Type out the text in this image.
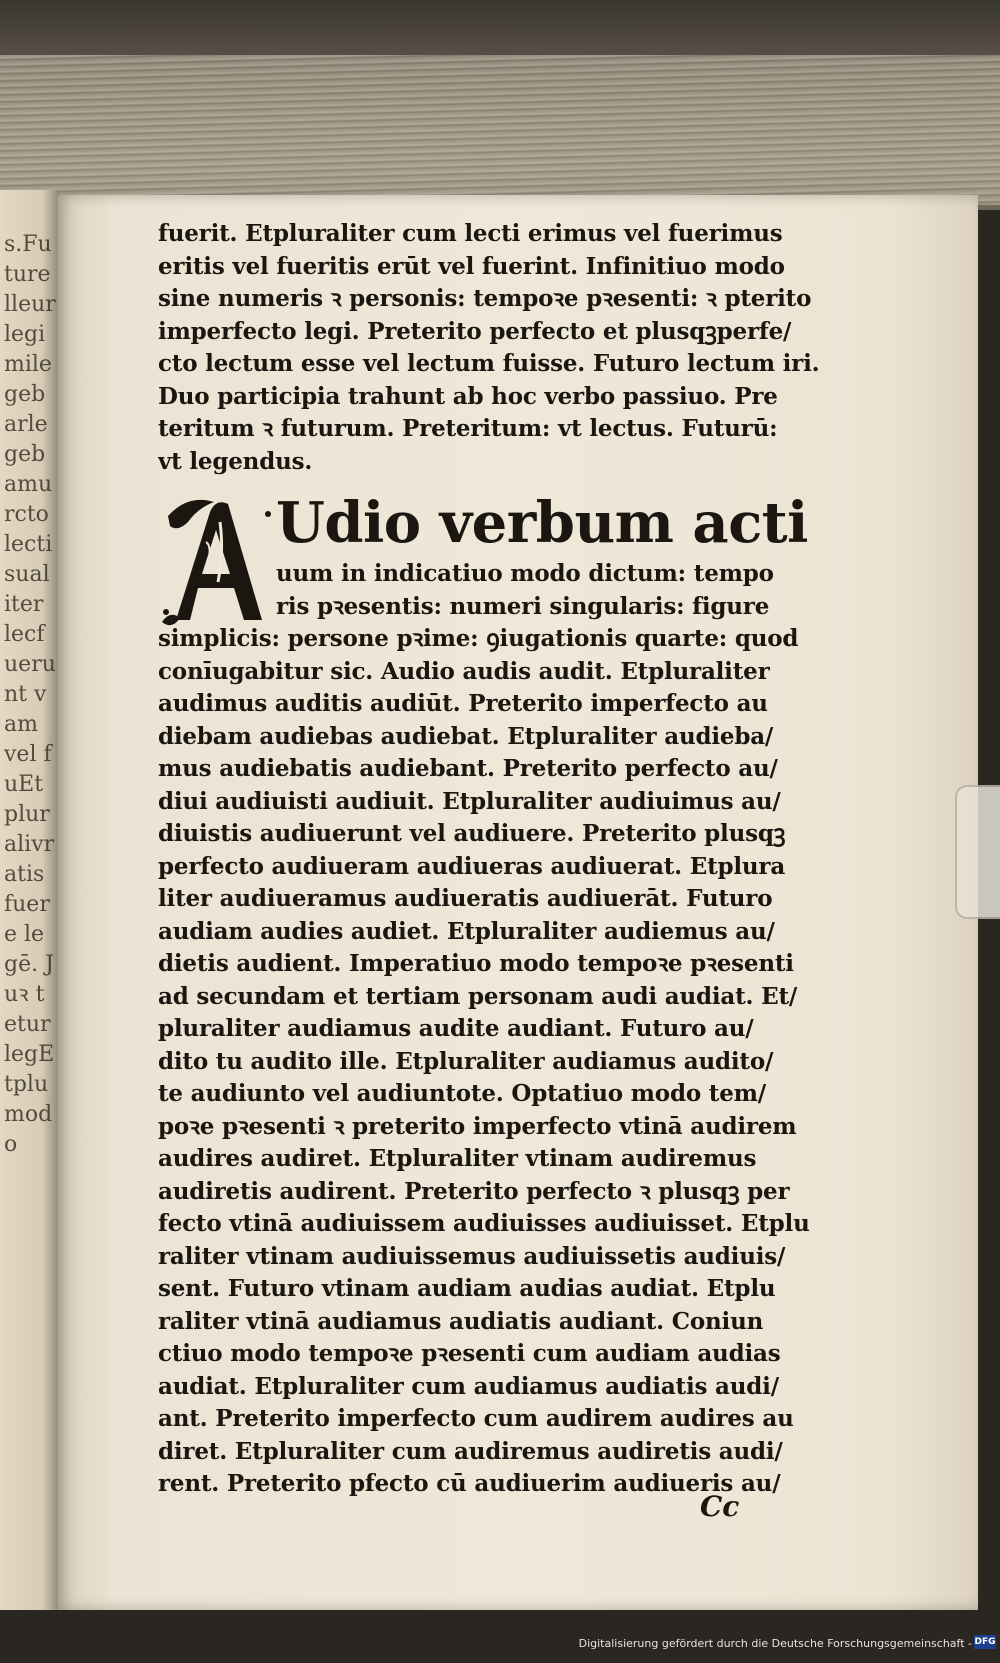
s.Futurelleur legimilegebarlegebamurcto lectisualiter lecfuerunt vam vel fuEtpluralivratis fuere legē. Juꝛ tetur legEtplumodo
fuerit. Etpluraliter cum lecti erimus vel fuerimus
eritis vel fueritis erūt vel fuerint. Infinitiuo modo
sine numeris ꝛ personis: tempoꝛe pꝛesenti: ꝛ pterito
imperfecto legi. Preterito perfecto et plusqꝫperfe/
cto lectum esse vel lectum fuisse. Futuro lectum iri.
Duo participia trahunt ab hoc verbo passiuo. Pre
teritum ꝛ futurum. Preteritum: vt lectus. Futurū:
vt legendus.
A Udio verbum acti
uum in indicatiuo modo dictum: tempo
ris pꝛesentis: numeri singularis: figure
simplicis: persone pꝛime: ꝯiugationis quarte: quod
conīugabitur sic. Audio audis audit. Etpluraliter
audimus auditis audiūt. Preterito imperfecto au
diebam audiebas audiebat. Etpluraliter audieba/
mus audiebatis audiebant. Preterito perfecto au/
diui audiuisti audiuit. Etpluraliter audiuimus au/
diuistis audiuerunt vel audiuere. Preterito plusqꝫ
perfecto audiueram audiueras audiuerat. Etplura
liter audiueramus audiueratis audiuerāt. Futuro
audiam audies audiet. Etpluraliter audiemus au/
dietis audient. Imperatiuo modo tempoꝛe pꝛesenti
ad secundam et tertiam personam audi audiat. Et/
pluraliter audiamus audite audiant. Futuro au/
dito tu audito ille. Etpluraliter audiamus audito/
te audiunto vel audiuntote. Optatiuo modo tem/
poꝛe pꝛesenti ꝛ preterito imperfecto vtinā audirem
audires audiret. Etpluraliter vtinam audiremus
audiretis audirent. Preterito perfecto ꝛ plusqꝫ per
fecto vtinā audiuissem audiuisses audiuisset. Etplu
raliter vtinam audiuissemus audiuissetis audiuis/
sent. Futuro vtinam audiam audias audiat. Etplu
raliter vtinā audiamus audiatis audiant. Coniun
ctiuo modo tempoꝛe pꝛesenti cum audiam audias
audiat. Etpluraliter cum audiamus audiatis audi/
ant. Preterito imperfecto cum audirem audires au
diret. Etpluraliter cum audiremus audiretis audi/
rent. Preterito pfecto cū audiuerim audiueris au/
Cc
Digitalisierung gefördert durch die Deutsche Forschungsgemeinschaft - DFG
